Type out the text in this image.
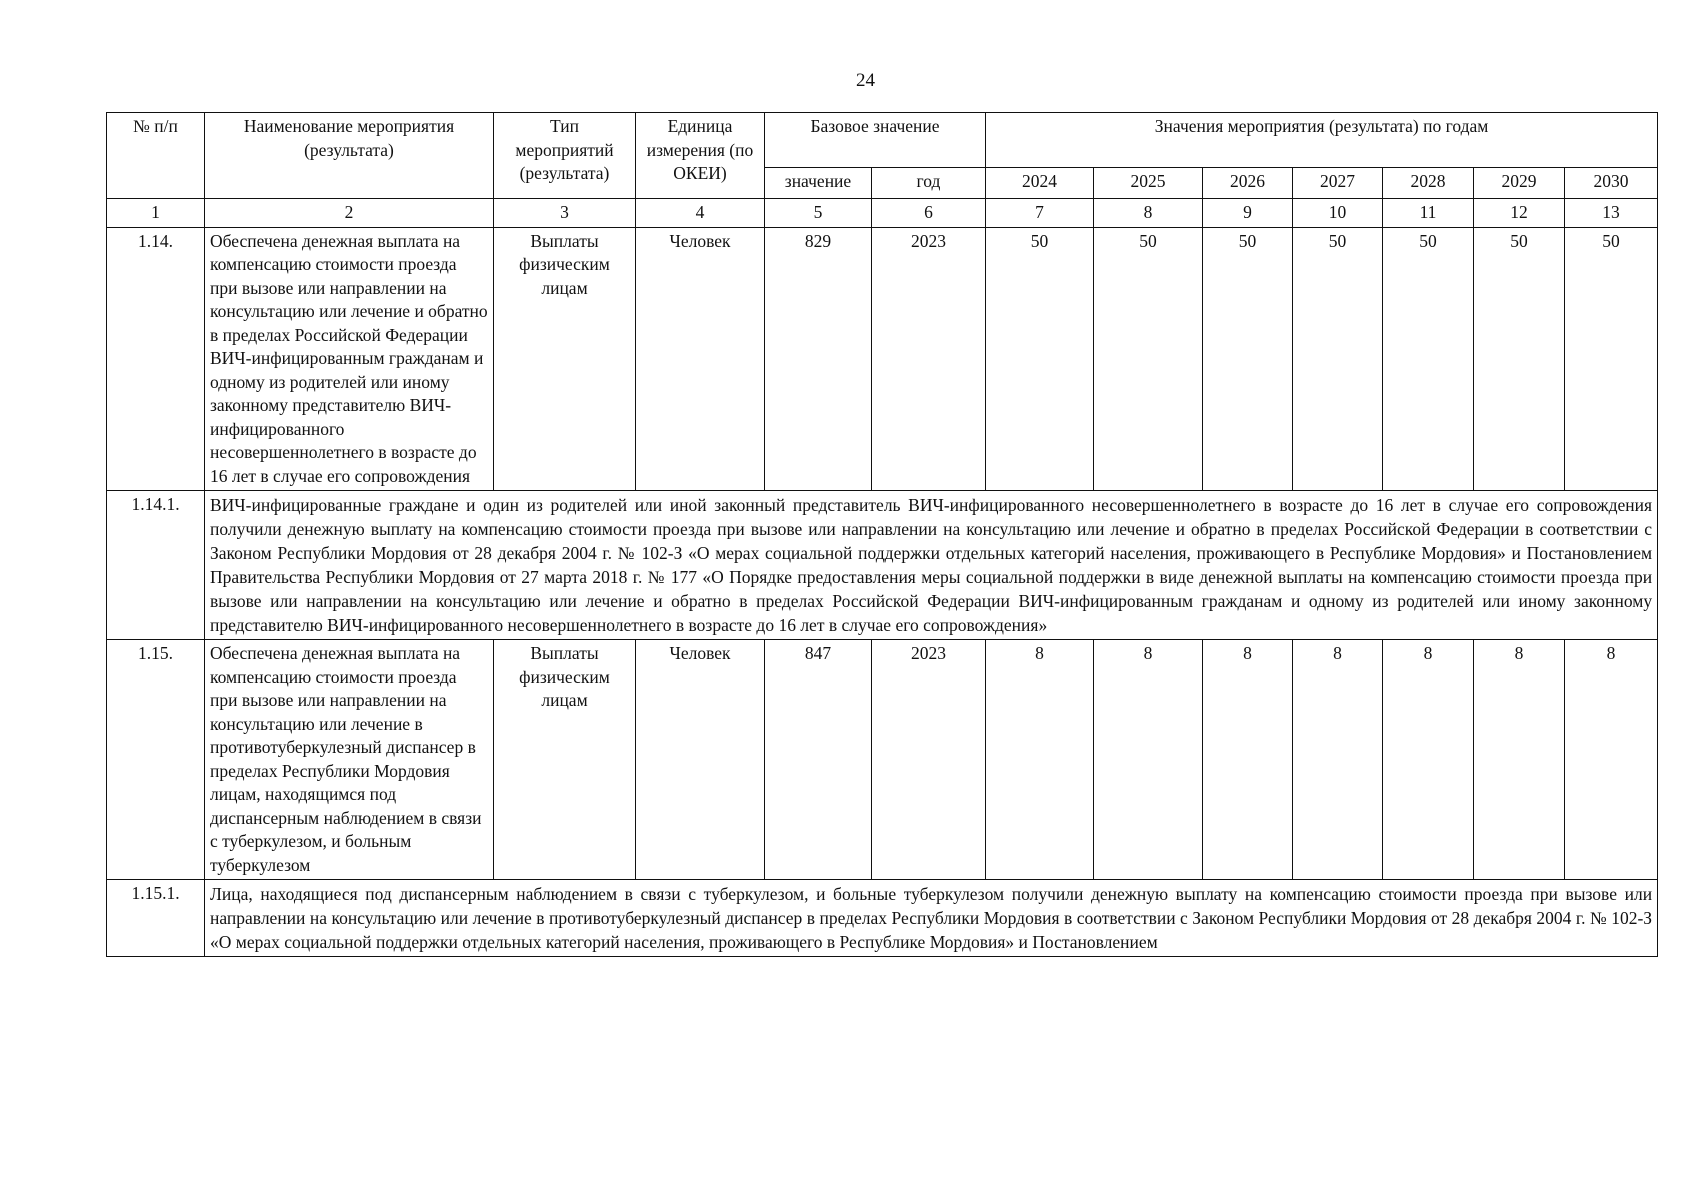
24
№ п/п	Наименование мероприятия (результата)	Тип мероприятий (результата)	Единица измерения (по ОКЕИ)	Базовое значение		Значения мероприятия (результата) по годам						
				значение	год	2024	2025	2026	2027	2028	2029	2030
1	2	3	4	5	6	7	8	9	10	11	12	13
1.14.	Обеспечена денежная выплата на компенсацию стоимости проезда при вызове или направлении на консультацию или лечение и обратно в пределах Российской Федерации ВИЧ-инфицированным гражданам и одному из родителей или иному законному представителю ВИЧ-инфицированного несовершеннолетнего в возрасте до 16 лет в случае его сопровождения	Выплаты физическим лицам	Человек	829	2023	50	50	50	50	50	50	50
1.14.1.	ВИЧ-инфицированные граждане и один из родителей или иной законный представитель ВИЧ-инфицированного несовершеннолетнего в возрасте до 16 лет в случае его сопровождения получили денежную выплату на компенсацию стоимости проезда при вызове или направлении на консультацию или лечение и обратно в пределах Российской Федерации в соответствии с Законом Республики Мордовия от 28 декабря 2004 г. № 102-З «О мерах социальной поддержки отдельных категорий населения, проживающего в Республике Мордовия» и Постановлением Правительства Республики Мордовия от 27 марта 2018 г. № 177 «О Порядке предоставления меры социальной поддержки в виде денежной выплаты на компенсацию стоимости проезда при вызове или направлении на консультацию или лечение и обратно в пределах Российской Федерации ВИЧ-инфицированным гражданам и одному из родителей или иному законному представителю ВИЧ-инфицированного несовершеннолетнего в возрасте до 16 лет в случае его сопровождения»											
1.15.	Обеспечена денежная выплата на компенсацию стоимости проезда при вызове или направлении на консультацию или лечение в противотуберкулезный диспансер в пределах Республики Мордовия лицам, находящимся под диспансерным наблюдением в связи с туберкулезом, и больным туберкулезом	Выплаты физическим лицам	Человек	847	2023	8	8	8	8	8	8	8
1.15.1.	Лица, находящиеся под диспансерным наблюдением в связи с туберкулезом, и больные туберкулезом получили денежную выплату на компенсацию стоимости проезда при вызове или направлении на консультацию или лечение в противотуберкулезный диспансер в пределах Республики Мордовия в соответствии с Законом Республики Мордовия от 28 декабря 2004 г. № 102-З «О мерах социальной поддержки отдельных категорий населения, проживающего в Республике Мордовия» и Постановлением											
